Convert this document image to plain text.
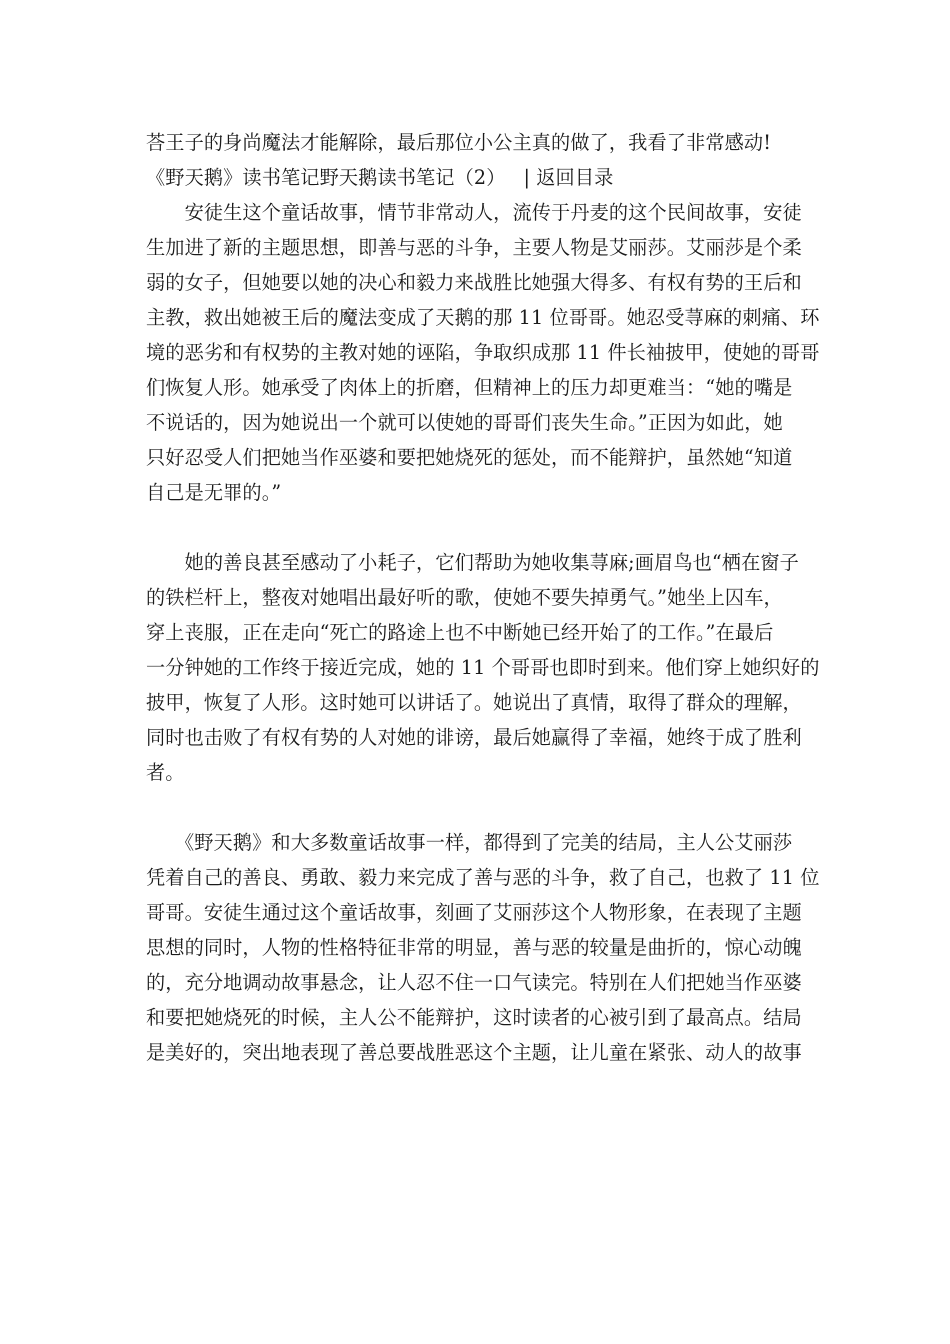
荅王子的身尚魔法才能解除，最后那位小公主真的做了，我看了非常感动!
《野天鹅》读书笔记野天鹅读书笔记（2） | 返回目录
　　安徒生这个童话故事，情节非常动人，流传于丹麦的这个民间故事，安徒
生加进了新的主题思想，即善与恶的斗争，主要人物是艾丽莎。艾丽莎是个柔
弱的女子，但她要以她的决心和毅力来战胜比她强大得多、有权有势的王后和
主教，救出她被王后的魔法变成了天鹅的那 11 位哥哥。她忍受荨麻的刺痛、环
境的恶劣和有权势的主教对她的诬陷，争取织成那 11 件长袖披甲，使她的哥哥
们恢复人形。她承受了肉体上的折磨，但精神上的压力却更难当：“她的嘴是
不说话的，因为她说出一个就可以使她的哥哥们丧失生命。”正因为如此，她
只好忍受人们把她当作巫婆和要把她烧死的惩处，而不能辩护，虽然她“知道
自己是无罪的。”
　　她的善良甚至感动了小耗子，它们帮助为她收集荨麻;画眉鸟也“栖在窗子
的铁栏杆上，整夜对她唱出最好听的歌，使她不要失掉勇气。”她坐上囚车，
穿上丧服，正在走向“死亡的路途上也不中断她已经开始了的工作。”在最后
一分钟她的工作终于接近完成，她的 11 个哥哥也即时到来。他们穿上她织好的
披甲，恢复了人形。这时她可以讲话了。她说出了真情，取得了群众的理解，
同时也击败了有权有势的人对她的诽谤，最后她赢得了幸福，她终于成了胜利
者。
　　《野天鹅》和大多数童话故事一样，都得到了完美的结局，主人公艾丽莎
凭着自己的善良、勇敢、毅力来完成了善与恶的斗争，救了自己，也救了 11 位
哥哥。安徒生通过这个童话故事，刻画了艾丽莎这个人物形象，在表现了主题
思想的同时，人物的性格特征非常的明显，善与恶的较量是曲折的，惊心动魄
的，充分地调动故事悬念，让人忍不住一口气读完。特别在人们把她当作巫婆
和要把她烧死的时候，主人公不能辩护，这时读者的心被引到了最高点。结局
是美好的，突出地表现了善总要战胜恶这个主题，让儿童在紧张、动人的故事
